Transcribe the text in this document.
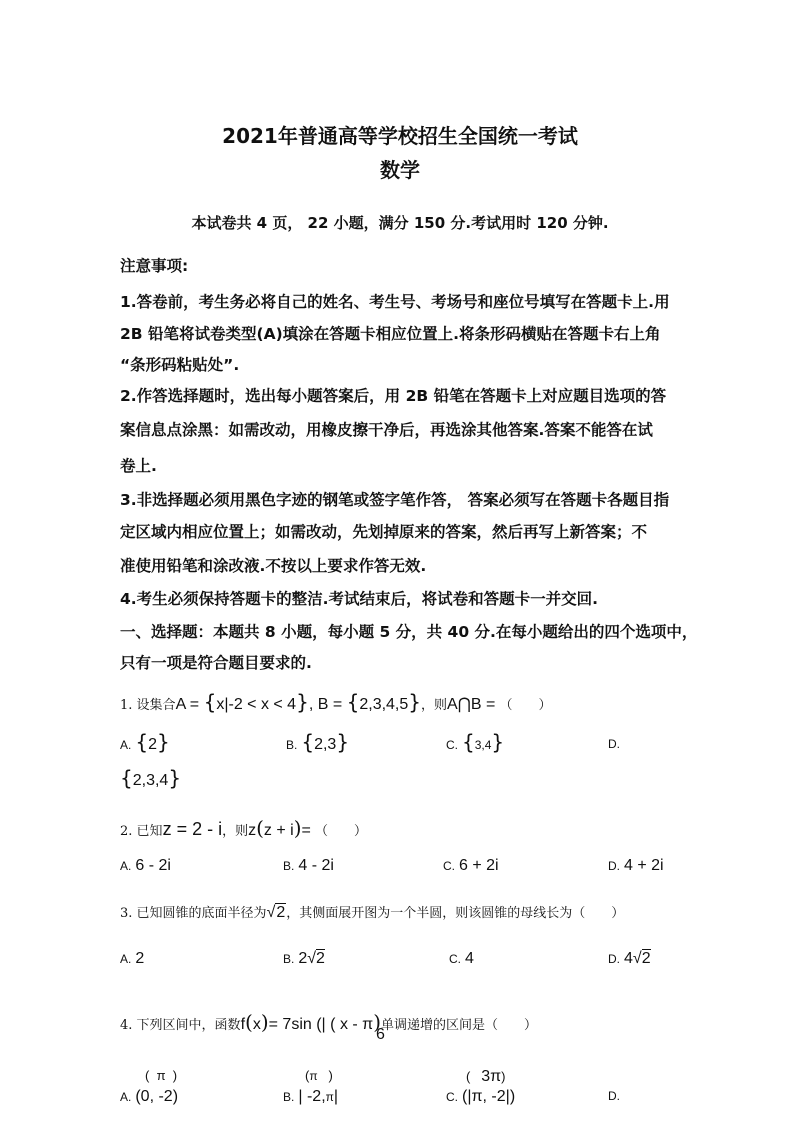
2021年普通高等学校招生全国统一考试
数学
本试卷共 4 页， 22 小题，满分 150 分.考试用时 120 分钟.
注意事项:
1.答卷前，考生务必将自己的姓名、考生号、考场号和座位号填写在答题卡上.用
2B 铅笔将试卷类型(A)填涂在答题卡相应位置上.将条形码横贴在答题卡右上角
“条形码粘贴处”.
2.作答选择题时，选出每小题答案后，用 2B 铅笔在答题卡上对应题目选项的答
案信息点涂黑：如需改动，用橡皮擦干净后，再选涂其他答案.答案不能答在试
卷上.
3.非选择题必须用黑色字迹的钢笔或签字笔作答， 答案必须写在答题卡各题目指
定区域内相应位置上；如需改动，先划掉原来的答案，然后再写上新答案；不
准使用铅笔和涂改液.不按以上要求作答无效.
4.考生必须保持答题卡的整洁.考试结束后，将试卷和答题卡一并交回.
一、选择题：本题共 8 小题，每小题 5 分，共 40 分.在每小题给出的四个选项中，
只有一项是符合题目要求的.
1. 设集合A = {x|-2 < x < 4}, B = {2,3,4,5}，则A⋂B = （　　）
A. {2}	B. {2,3}	C. {3,4}	D.
{2,3,4}
2. 已知z = 2 - i，则z(z + i)= （　　）
A. 6 - 2i	B. 4 - 2i	C. 6 + 2i	D. 4 + 2i
3. 已知圆锥的底面半径为√2，其侧面展开图为一个半圆，则该圆锥的母线长为（　　）
A. 2	B. 2√2	C. 4	D. 4√2
4. 下列区间中，函数f(x)= 7sin (| ( x - π)单调递增的区间是（　　）
6
( π )
A. (0, -2)
(π )
B. | -2,π|
( 3π)
C. (|π, -2|)	D.
